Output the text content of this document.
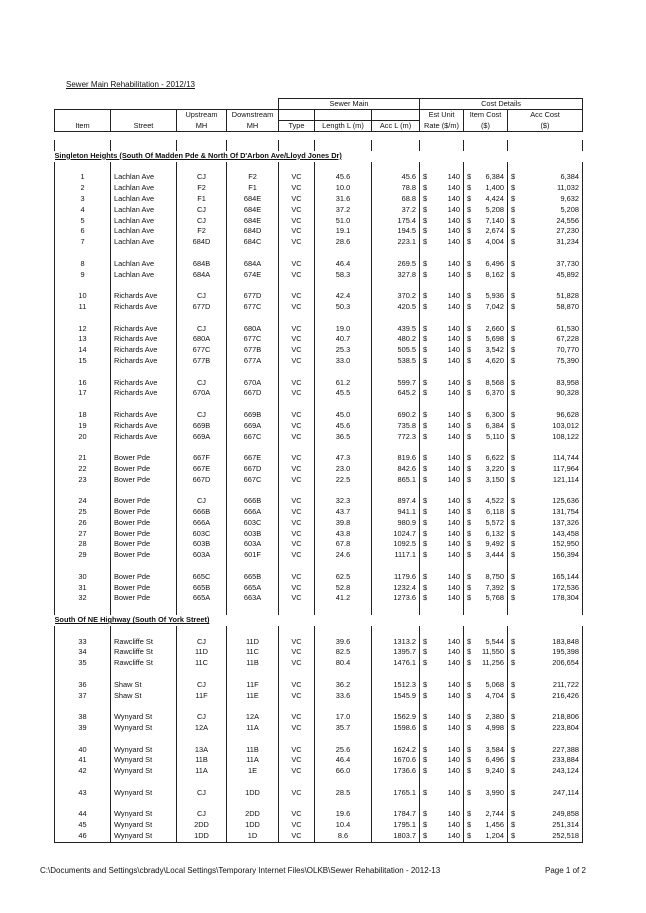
Sewer Main Rehabilitation - 2012/13
				Sewer Main			Cost Details		
		Upstream	Downstream				Est Unit	Item Cost	Acc Cost
Item	Street	MH	MH	Type	Length L (m)	Acc L (m)	Rate ($/m)	($)	($)

Singleton Heights (South Of Madden Pde & North Of D'Arbon Ave/Lloyd Jones Dr)									

1	Lachlan Ave	CJ	F2	VC	45.6	45.6	$ 140	$ 6,384	$ 6,384

2	Lachlan Ave	F2	F1	VC	10.0	78.8	$ 140	$ 1,400	$ 11,032

3	Lachlan Ave	F1	684E	VC	31.6	68.8	$ 140	$ 4,424	$ 9,632

4	Lachlan Ave	CJ	684E	VC	37.2	37.2	$ 140	$ 5,208	$ 5,208

5	Lachlan Ave	CJ	684E	VC	51.0	175.4	$ 140	$ 7,140	$ 24,556

6	Lachlan Ave	F2	684D	VC	19.1	194.5	$ 140	$ 2,674	$ 27,230

7	Lachlan Ave	684D	684C	VC	28.6	223.1	$ 140	$ 4,004	$ 31,234

8	Lachlan Ave	684B	684A	VC	46.4	269.5	$ 140	$ 6,496	$ 37,730

9	Lachlan Ave	684A	674E	VC	58.3	327.8	$ 140	$ 8,162	$ 45,892

10	Richards Ave	CJ	677D	VC	42.4	370.2	$ 140	$ 5,936	$ 51,828

11	Richards Ave	677D	677C	VC	50.3	420.5	$ 140	$ 7,042	$ 58,870

12	Richards Ave	CJ	680A	VC	19.0	439.5	$ 140	$ 2,660	$ 61,530

13	Richards Ave	680A	677C	VC	40.7	480.2	$ 140	$ 5,698	$ 67,228

14	Richards Ave	677C	677B	VC	25.3	505.5	$ 140	$ 3,542	$ 70,770

15	Richards Ave	677B	677A	VC	33.0	538.5	$ 140	$ 4,620	$ 75,390

16	Richards Ave	CJ	670A	VC	61.2	599.7	$ 140	$ 8,568	$ 83,958

17	Richards Ave	670A	667D	VC	45.5	645.2	$ 140	$ 6,370	$ 90,328

18	Richards Ave	CJ	669B	VC	45.0	690.2	$ 140	$ 6,300	$ 96,628

19	Richards Ave	669B	669A	VC	45.6	735.8	$ 140	$ 6,384	$ 103,012

20	Richards Ave	669A	667C	VC	36.5	772.3	$ 140	$ 5,110	$ 108,122

21	Bower Pde	667F	667E	VC	47.3	819.6	$ 140	$ 6,622	$ 114,744

22	Bower Pde	667E	667D	VC	23.0	842.6	$ 140	$ 3,220	$ 117,964

23	Bower Pde	667D	667C	VC	22.5	865.1	$ 140	$ 3,150	$ 121,114

24	Bower Pde	CJ	666B	VC	32.3	897.4	$ 140	$ 4,522	$ 125,636

25	Bower Pde	666B	666A	VC	43.7	941.1	$ 140	$ 6,118	$ 131,754

26	Bower Pde	666A	603C	VC	39.8	980.9	$ 140	$ 5,572	$ 137,326

27	Bower Pde	603C	603B	VC	43.8	1024.7	$ 140	$ 6,132	$ 143,458

28	Bower Pde	603B	603A	VC	67.8	1092.5	$ 140	$ 9,492	$ 152,950

29	Bower Pde	603A	601F	VC	24.6	1117.1	$ 140	$ 3,444	$ 156,394

30	Bower Pde	665C	665B	VC	62.5	1179.6	$ 140	$ 8,750	$ 165,144

31	Bower Pde	665B	665A	VC	52.8	1232.4	$ 140	$ 7,392	$ 172,536

32	Bower Pde	665A	663A	VC	41.2	1273.6	$ 140	$ 5,768	$ 178,304

South Of NE Highway (South Of York Street)									

33	Rawcliffe St	CJ	11D	VC	39.6	1313.2	$ 140	$ 5,544	$ 183,848

34	Rawcliffe St	11D	11C	VC	82.5	1395.7	$ 140	$ 11,550	$ 195,398

35	Rawcliffe St	11C	11B	VC	80.4	1476.1	$ 140	$ 11,256	$ 206,654

36	Shaw St	CJ	11F	VC	36.2	1512.3	$ 140	$ 5,068	$ 211,722

37	Shaw St	11F	11E	VC	33.6	1545.9	$ 140	$ 4,704	$ 216,426

38	Wynyard St	CJ	12A	VC	17.0	1562.9	$ 140	$ 2,380	$ 218,806

39	Wynyard St	12A	11A	VC	35.7	1598.6	$ 140	$ 4,998	$ 223,804

40	Wynyard St	13A	11B	VC	25.6	1624.2	$ 140	$ 3,584	$ 227,388

41	Wynyard St	11B	11A	VC	46.4	1670.6	$ 140	$ 6,496	$ 233,884

42	Wynyard St	11A	1E	VC	66.0	1736.6	$ 140	$ 9,240	$ 243,124

43	Wynyard St	CJ	1DD	VC	28.5	1765.1	$ 140	$ 3,990	$ 247,114

44	Wynyard St	CJ	2DD	VC	19.6	1784.7	$ 140	$ 2,744	$ 249,858

45	Wynyard St	2DD	1DD	VC	10.4	1795.1	$ 140	$ 1,456	$ 251,314

46	Wynyard St	1DD	1D	VC	8.6	1803.7	$ 140	$ 1,204	$ 252,518
C:\Documents and Settings\cbrady\Local Settings\Temporary Internet Files\OLKB\Sewer Rehabilitation - 2012-13	Page 1 of 2
